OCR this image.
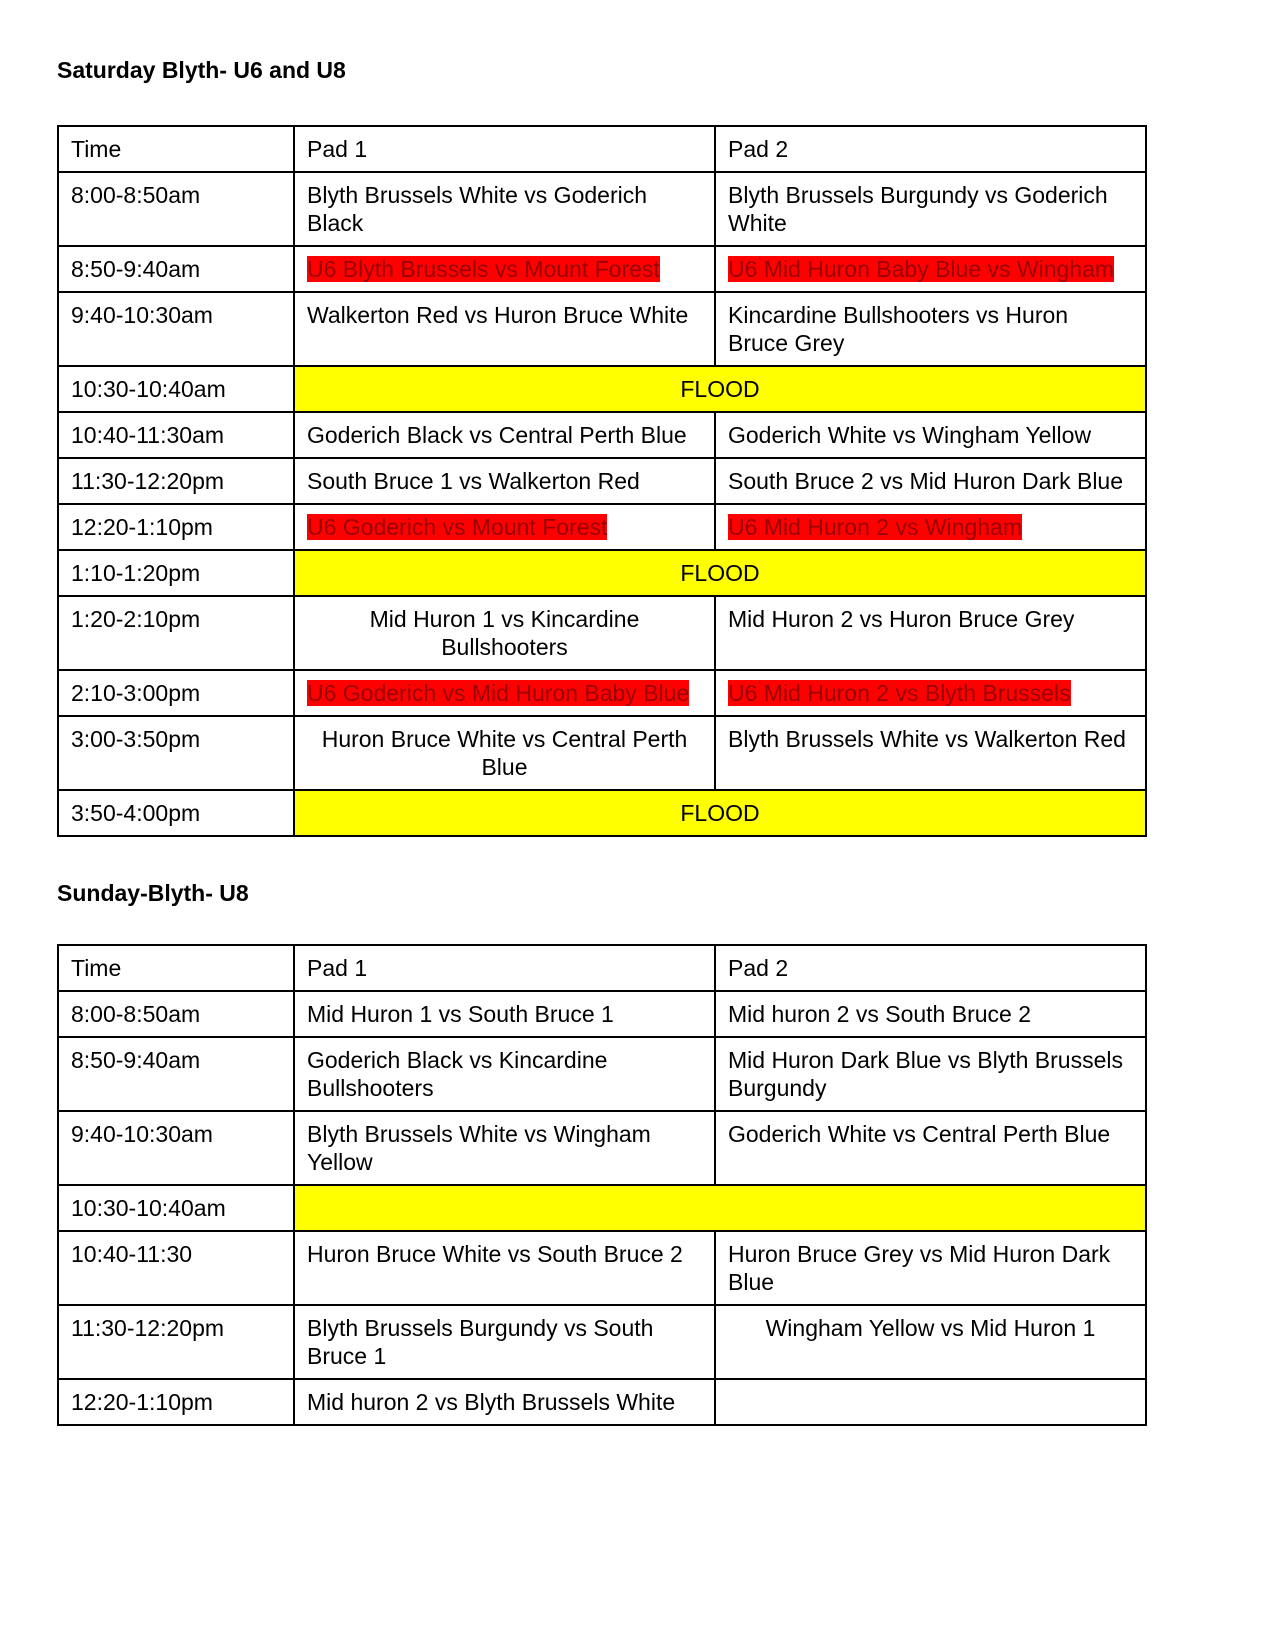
Saturday Blyth- U6 and U8
Time	Pad 1	Pad 2
8:00-8:50am	Blyth Brussels White vs Goderich Black	Blyth Brussels Burgundy vs Goderich White
8:50-9:40am	U6 Blyth Brussels vs Mount Forest	U6 Mid Huron Baby Blue vs Wingham
9:40-10:30am	Walkerton Red vs Huron Bruce White	Kincardine Bullshooters vs Huron Bruce Grey
10:30-10:40am	FLOOD	
10:40-11:30am	Goderich Black vs Central Perth Blue	Goderich White vs Wingham Yellow
11:30-12:20pm	South Bruce 1 vs Walkerton Red	South Bruce 2 vs Mid Huron Dark Blue
12:20-1:10pm	U6 Goderich vs Mount Forest	U6 Mid Huron 2 vs Wingham
1:10-1:20pm	FLOOD	
1:20-2:10pm	Mid Huron 1 vs Kincardine Bullshooters	Mid Huron 2 vs Huron Bruce Grey
2:10-3:00pm	U6 Goderich vs Mid Huron Baby Blue	U6 Mid Huron 2 vs Blyth Brussels
3:00-3:50pm	Huron Bruce White vs Central Perth Blue	Blyth Brussels White vs Walkerton Red
3:50-4:00pm	FLOOD	
Sunday-Blyth- U8
Time	Pad 1	Pad 2
8:00-8:50am	Mid Huron 1 vs South Bruce 1	Mid huron 2 vs South Bruce 2
8:50-9:40am	Goderich Black vs Kincardine Bullshooters	Mid Huron Dark Blue vs Blyth Brussels Burgundy
9:40-10:30am	Blyth Brussels White vs Wingham Yellow	Goderich White vs Central Perth Blue
10:30-10:40am		
10:40-11:30	Huron Bruce White vs South Bruce 2	Huron Bruce Grey vs Mid Huron Dark Blue
11:30-12:20pm	Blyth Brussels Burgundy vs South Bruce 1	Wingham Yellow vs Mid Huron 1
12:20-1:10pm	Mid huron 2 vs Blyth Brussels White	
